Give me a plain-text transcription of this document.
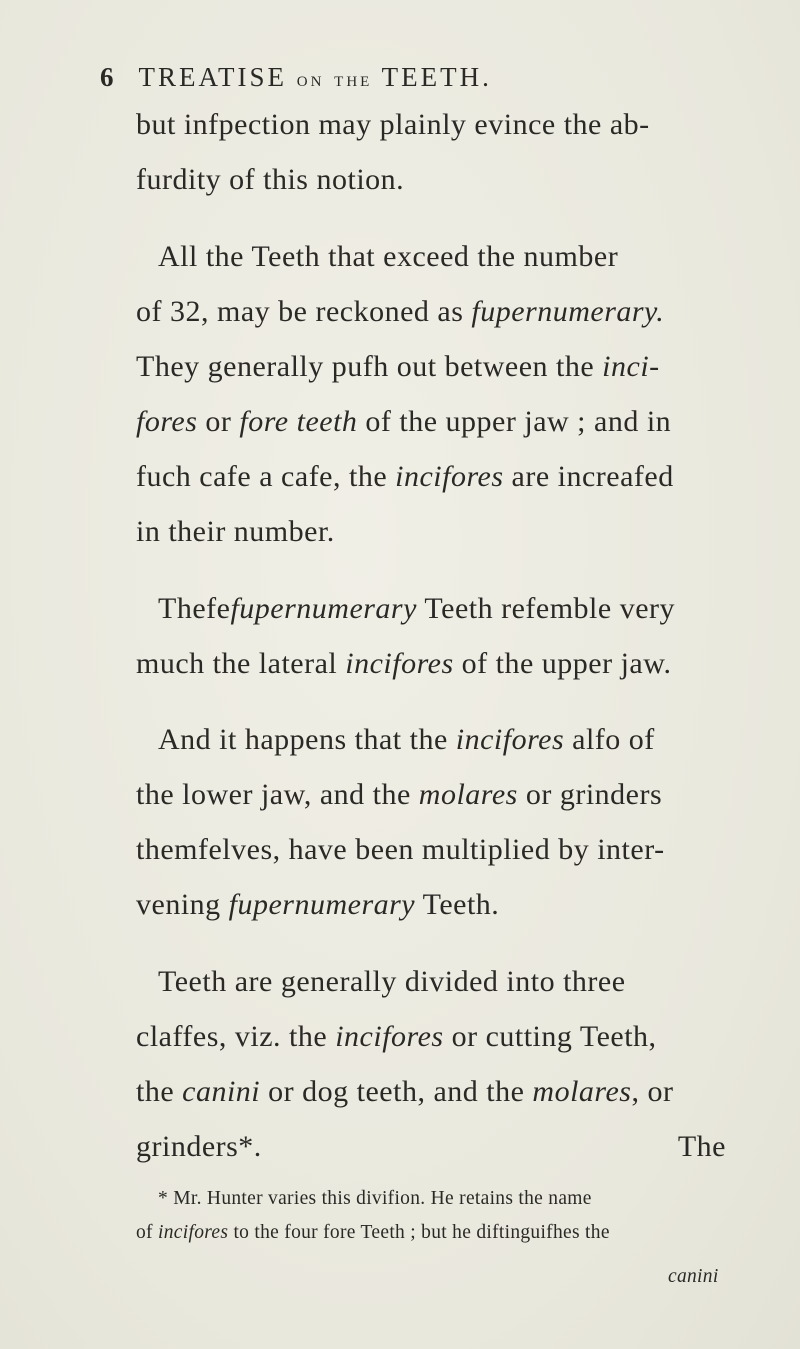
6 TREATISE ON THE TEETH.
but infpection may plainly evince the ab-
furdity of this notion.
All the Teeth that exceed the number
of 32, may be reckoned as fupernumerary.
They generally pufh out between the inci-
fores or fore teeth of the upper jaw ; and in
fuch cafe a cafe, the incifores are increafed
in their number.
Thefefupernumerary Teeth refemble very
much the lateral incifores of the upper jaw.
And it happens that the incifores alfo of
the lower jaw, and the molares or grinders
themfelves, have been multiplied by inter-
vening fupernumerary Teeth.
Teeth are generally divided into three
claffes, viz. the incifores or cutting Teeth,
the canini or dog teeth, and the molares, or
grinders*.	The
* Mr. Hunter varies this divifion. He retains the name
of incifores to the four fore Teeth ; but he diftinguifhes the
canini
